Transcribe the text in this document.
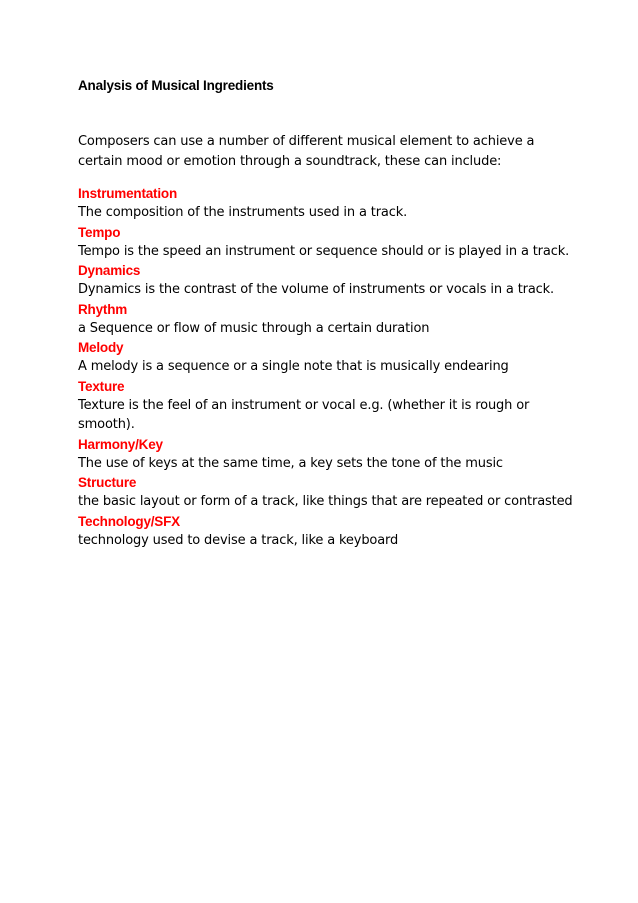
Analysis of Musical Ingredients
Composers can use a number of different musical element to achieve a certain mood or emotion through a soundtrack, these can include:
Instrumentation
The composition of the instruments used in a track.
Tempo
Tempo is the speed an instrument or sequence should or is played in a track.
Dynamics
Dynamics is the contrast of the volume of instruments or vocals in a track.
Rhythm
a Sequence or flow of music through a certain duration
Melody
A melody is a sequence or a single note that is musically endearing
Texture
Texture is the feel of an instrument or vocal e.g. (whether it is rough or smooth).
Harmony/Key
The use of keys at the same time, a key sets the tone of the music
Structure
the basic layout or form of a track, like things that are repeated or contrasted
Technology/SFX
technology used to devise a track, like a keyboard
